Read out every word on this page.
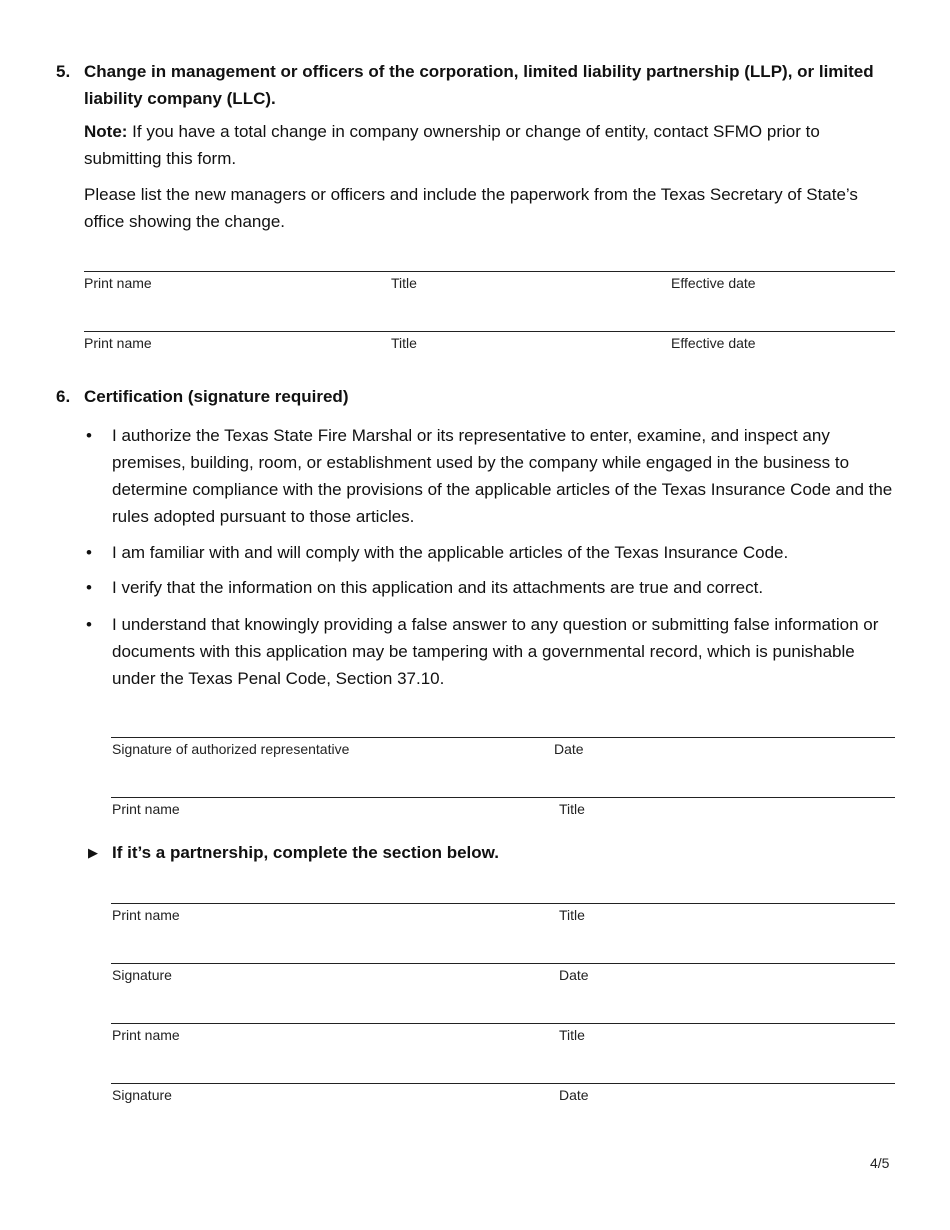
5. Change in management or officers of the corporation, limited liability partnership (LLP), or limited liability company (LLC).
Note: If you have a total change in company ownership or change of entity, contact SFMO prior to submitting this form.
Please list the new managers or officers and include the paperwork from the Texas Secretary of State’s office showing the change.
Print name	Title	Effective date
Print name	Title	Effective date
6. Certification (signature required)
• I authorize the Texas State Fire Marshal or its representative to enter, examine, and inspect any premises, building, room, or establishment used by the company while engaged in the business to determine compliance with the provisions of the applicable articles of the Texas Insurance Code and the rules adopted pursuant to those articles.
• I am familiar with and will comply with the applicable articles of the Texas Insurance Code.
• I verify that the information on this application and its attachments are true and correct.
• I understand that knowingly providing a false answer to any question or submitting false information or documents with this application may be tampering with a governmental record, which is punishable under the Texas Penal Code, Section 37.10.
Signature of authorized representative	Date
Print name	Title
▶ If it’s a partnership, complete the section below.
Print name	Title
Signature	Date
Print name	Title
Signature	Date
4/5
